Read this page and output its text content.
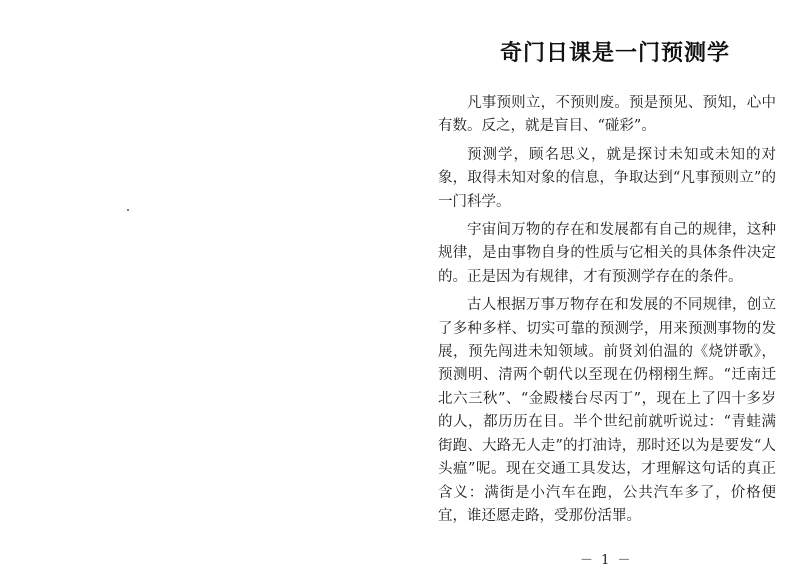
奇门日课是一门预测学

凡事预则立，不预则废。预是预见、预知，心中有数。反之，就是盲目、“碰彩”。

预测学，顾名思义，就是探讨未知或未知的对象，取得未知对象的信息，争取达到“凡事预则立”的一门科学。

宇宙间万物的存在和发展都有自己的规律，这种规律，是由事物自身的性质与它相关的具体条件决定的。正是因为有规律，才有预测学存在的条件。

古人根据万事万物存在和发展的不同规律，创立了多种多样、切实可靠的预测学，用来预测事物的发展，预先闯进未知领域。前贤刘伯温的《烧饼歌》，预测明、清两个朝代以至现在仍栩栩生辉。“迁南迁北六三秋”、“金殿楼台尽丙丁”，现在上了四十多岁的人，都历历在目。半个世纪前就听说过：“青蛙满街跑、大路无人走”的打油诗，那时还以为是要发“人头瘟”呢。现在交通工具发达，才理解这句话的真正含义：满街是小汽车在跑，公共汽车多了，价格便宜，谁还愿走路，受那份活罪。

－ 1 －
